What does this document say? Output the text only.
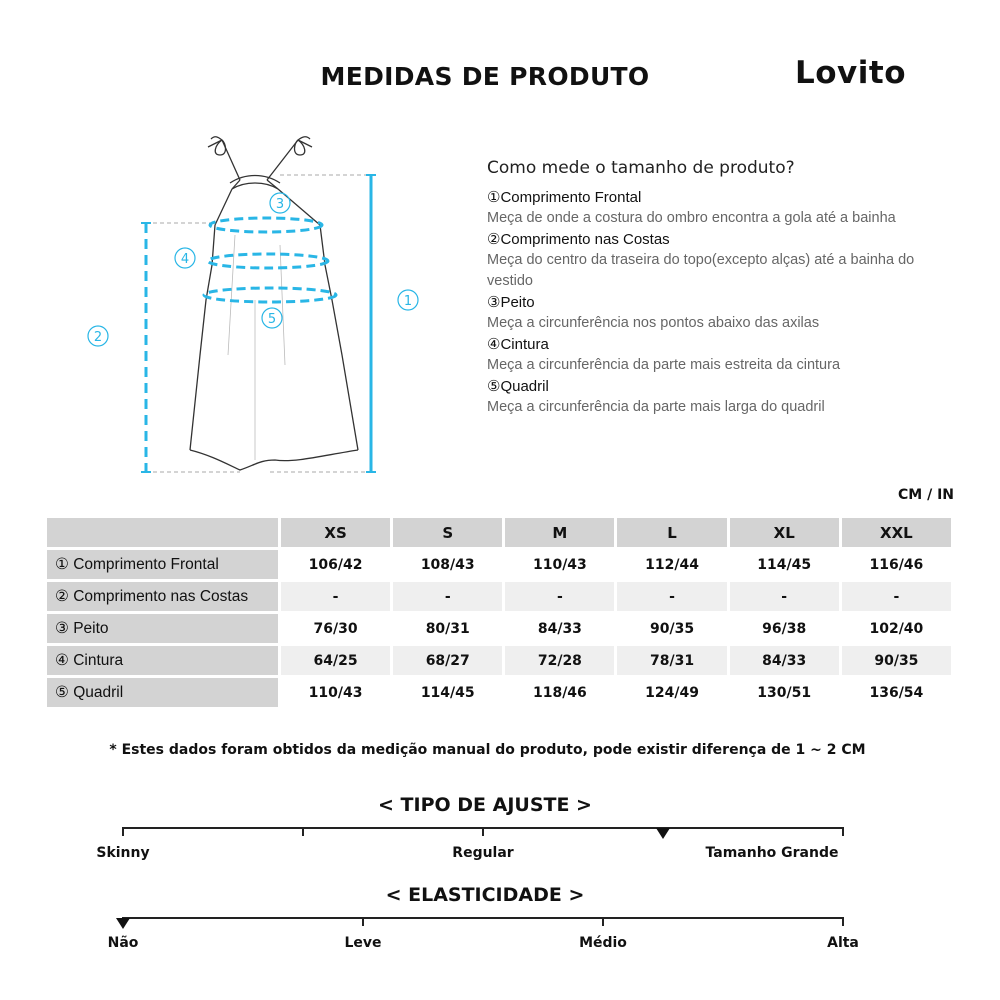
MEDIDAS DE PRODUTO	Lovito
1
2
3
4
5
Como mede o tamanho de produto?
①Comprimento Frontal
Meça de onde a costura do ombro encontra a gola até a bainha
②Comprimento nas Costas
Meça do centro da traseira do topo(excepto alças) até a bainha do vestido
③Peito
Meça a circunferência nos pontos abaixo das axilas
④Cintura
Meça a circunferência da parte mais estreita da cintura
⑤Quadril
Meça a circunferência da parte mais larga do quadril
CM / IN
	XS	S	M	L	XL	XXL
① Comprimento Frontal	106/42	108/43	110/43	112/44	114/45	116/46
② Comprimento nas Costas	-	-	-	-	-	-
③ Peito	76/30	80/31	84/33	90/35	96/38	102/40
④ Cintura	64/25	68/27	72/28	78/31	84/33	90/35
⑤ Quadril	110/43	114/45	118/46	124/49	130/51	136/54
* Estes dados foram obtidos da medição manual do produto, pode existir diferença de 1 ~ 2 CM
< TIPO DE AJUSTE >
Skinny	Regular	Tamanho Grande
< ELASTICIDADE >
Não	Leve	Médio	Alta
